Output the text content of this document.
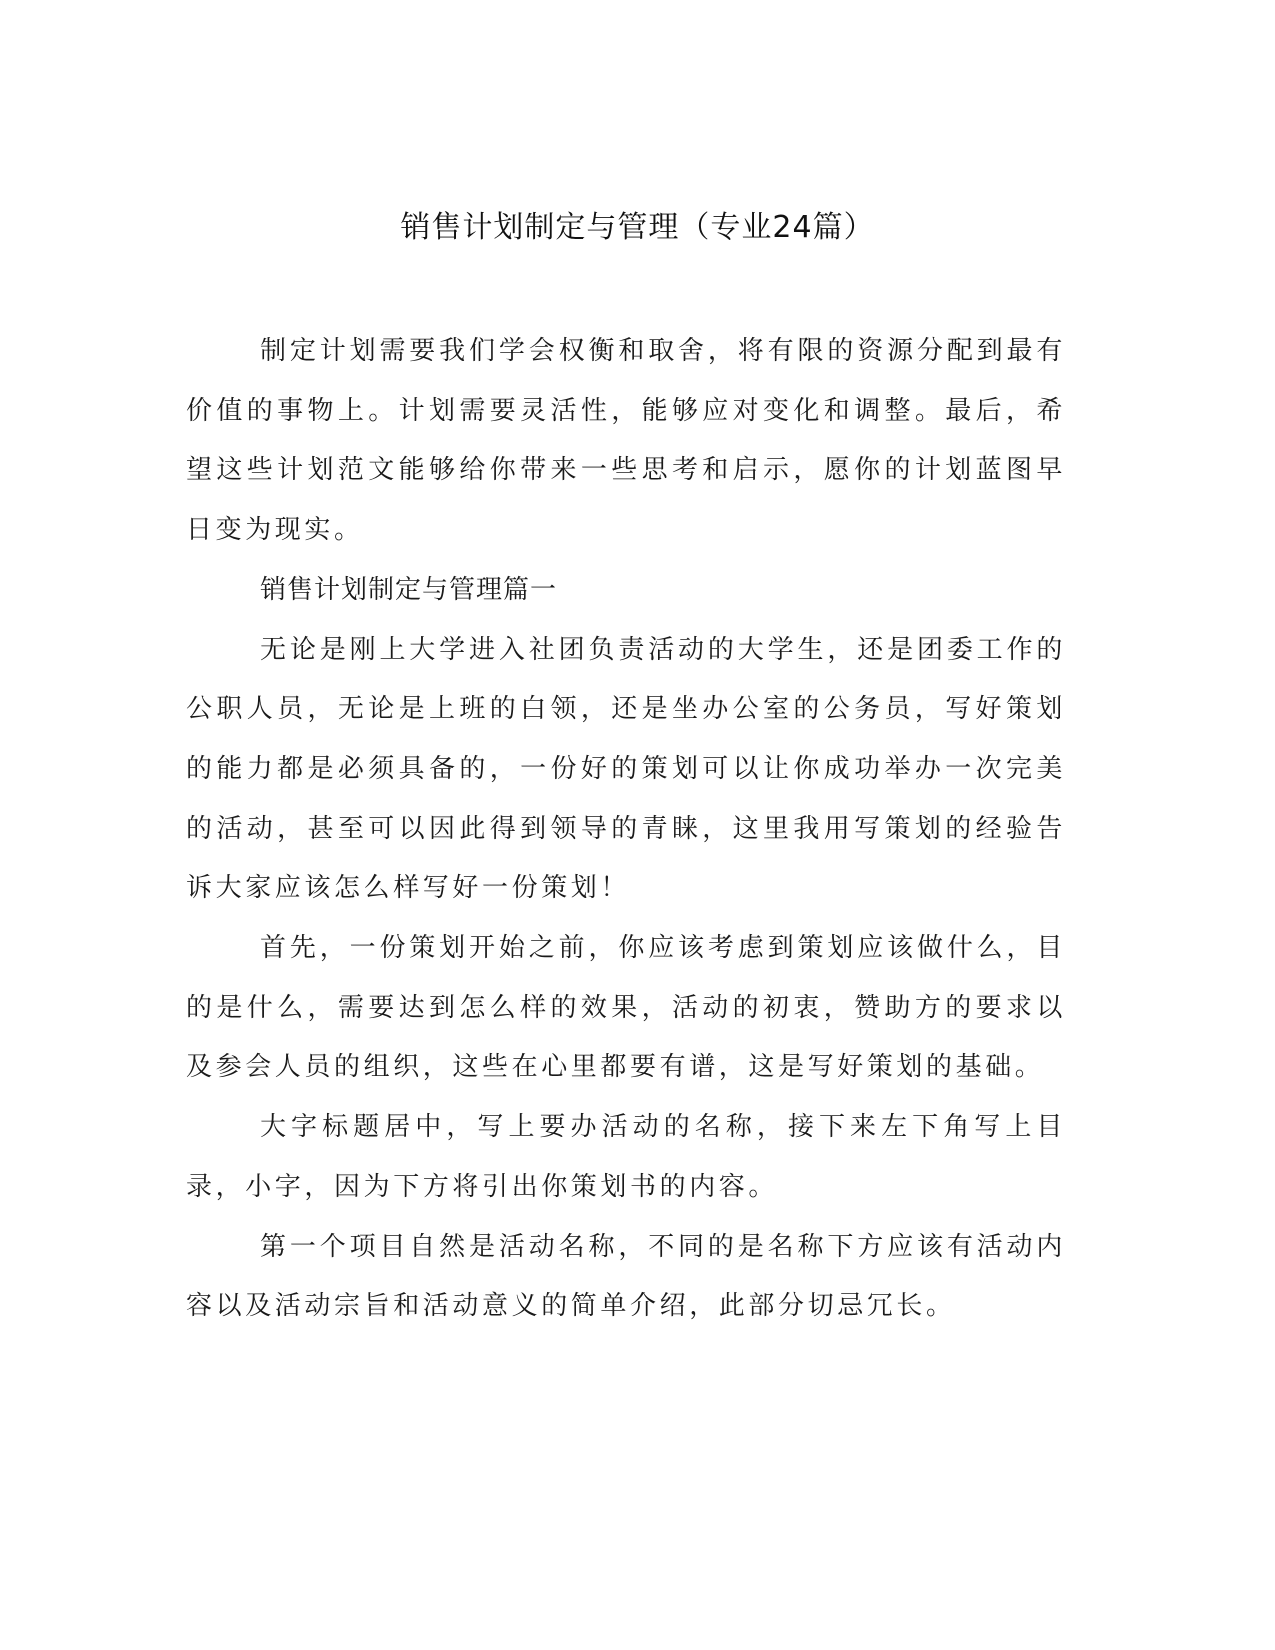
销售计划制定与管理（专业24篇）

制定计划需要我们学会权衡和取舍，将有限的资源分配到最有价值的事物上。计划需要灵活性，能够应对变化和调整。最后，希望这些计划范文能够给你带来一些思考和启示，愿你的计划蓝图早日变为现实。

销售计划制定与管理篇一

无论是刚上大学进入社团负责活动的大学生，还是团委工作的公职人员，无论是上班的白领，还是坐办公室的公务员，写好策划的能力都是必须具备的，一份好的策划可以让你成功举办一次完美的活动，甚至可以因此得到领导的青睐，这里我用写策划的经验告诉大家应该怎么样写好一份策划！

首先，一份策划开始之前，你应该考虑到策划应该做什么，目的是什么，需要达到怎么样的效果，活动的初衷，赞助方的要求以及参会人员的组织，这些在心里都要有谱，这是写好策划的基础。

大字标题居中，写上要办活动的名称，接下来左下角写上目录，小字，因为下方将引出你策划书的内容。

第一个项目自然是活动名称，不同的是名称下方应该有活动内容以及活动宗旨和活动意义的简单介绍，此部分切忌冗长。
